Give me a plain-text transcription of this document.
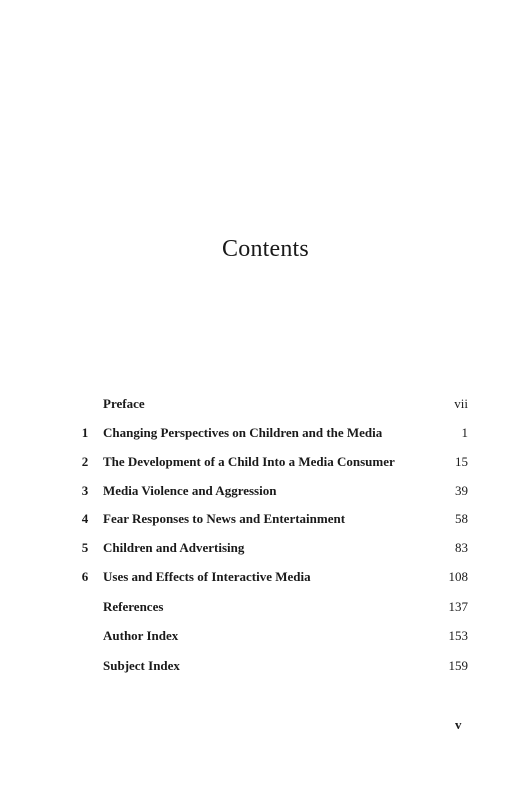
Contents
Preface	vii
1 Changing Perspectives on Children and the Media	1
2 The Development of a Child Into a Media Consumer	15
3 Media Violence and Aggression	39
4 Fear Responses to News and Entertainment	58
5 Children and Advertising	83
6 Uses and Effects of Interactive Media	108
References	137
Author Index	153
Subject Index	159
v
